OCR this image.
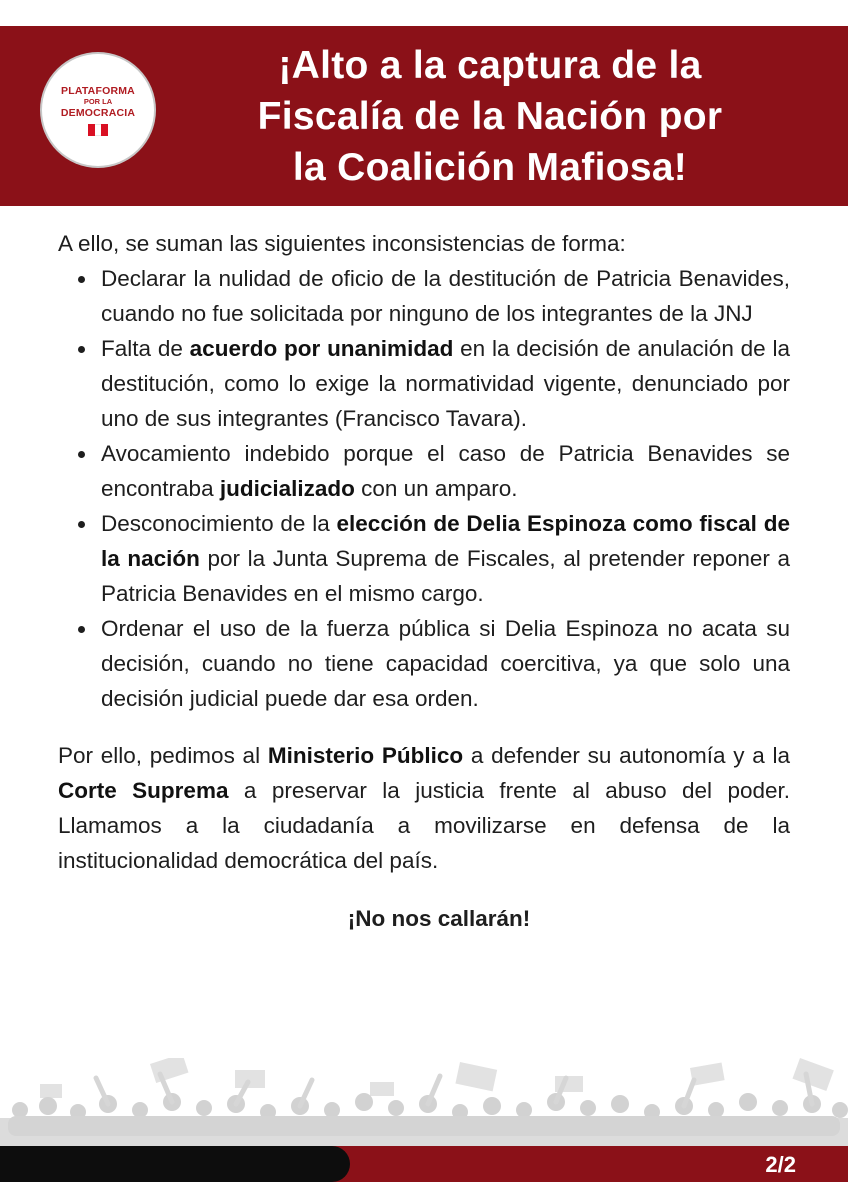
PLATAFORMA
POR LA
DEMOCRACIA
¡Alto a la captura de la
Fiscalía de la Nación por
la Coalición Mafiosa!

A ello, se suman las siguientes inconsistencias de forma:

Declarar la nulidad de oficio de la destitución de Patricia Benavides, cuando no fue solicitada por ninguno de los integrantes de la JNJ
Falta de acuerdo por unanimidad en la decisión de anulación de la destitución, como lo exige la normatividad vigente, denunciado por uno de sus integrantes (Francisco Tavara).
Avocamiento indebido porque el caso de Patricia Benavides se encontraba judicializado con un amparo.
Desconocimiento de la elección de Delia Espinoza como fiscal de la nación por la Junta Suprema de Fiscales, al pretender reponer a Patricia Benavides en el mismo cargo.
Ordenar el uso de la fuerza pública si Delia Espinoza no acata su decisión, cuando no tiene capacidad coercitiva, ya que solo una decisión judicial puede dar esa orden.

Por ello, pedimos al Ministerio Público a defender su autonomía y a la Corte Suprema a preservar la justicia frente al abuso del poder. Llamamos a la ciudadanía a movilizarse en defensa de la institucionalidad democrática del país.

¡No nos callarán!
2/2
